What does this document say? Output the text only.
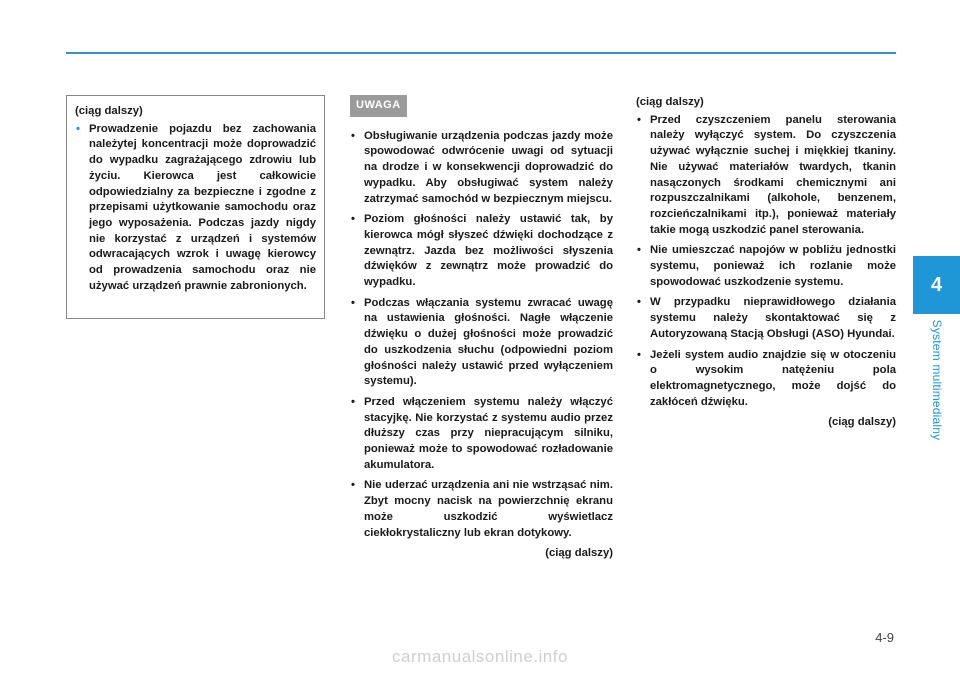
(ciąg dalszy)
• Prowadzenie pojazdu bez zachowania należytej koncentracji może doprowadzić do wypadku zagrażającego zdrowiu lub życiu. Kierowca jest całkowicie odpowiedzialny za bezpieczne i zgodne z przepisami użytkowanie samochodu oraz jego wyposażenia. Podczas jazdy nigdy nie korzystać z urządzeń i systemów odwracających wzrok i uwagę kierowcy od prowadzenia samochodu oraz nie używać urządzeń prawnie zabronionych.
UWAGA
• Obsługiwanie urządzenia podczas jazdy może spowodować odwrócenie uwagi od sytuacji na drodze i w konsekwencji doprowadzić do wypadku. Aby obsługiwać system należy zatrzymać samochód w bezpiecznym miejscu.
• Poziom głośności należy ustawić tak, by kierowca mógł słyszeć dźwięki dochodzące z zewnątrz. Jazda bez możliwości słyszenia dźwięków z zewnątrz może prowadzić do wypadku.
• Podczas włączania systemu zwracać uwagę na ustawienia głośności. Nagłe włączenie dźwięku o dużej głośności może prowadzić do uszkodzenia słuchu (odpowiedni poziom głośności należy ustawić przed wyłączeniem systemu).
• Przed włączeniem systemu należy włączyć stacyjkę. Nie korzystać z systemu audio przez dłuższy czas przy niepracującym silniku, ponieważ może to spowodować rozładowanie akumulatora.
• Nie uderzać urządzenia ani nie wstrząsać nim. Zbyt mocny nacisk na powierzchnię ekranu może uszkodzić wyświetlacz ciekłokrystaliczny lub ekran dotykowy.
(ciąg dalszy)
(ciąg dalszy)
• Przed czyszczeniem panelu sterowania należy wyłączyć system. Do czyszczenia używać wyłącznie suchej i miękkiej tkaniny. Nie używać materiałów twardych, tkanin nasączonych środkami chemicznymi ani rozpuszczalnikami (alkohole, benzenem, rozcieńczalnikami itp.), ponieważ materiały takie mogą uszkodzić panel sterowania.
• Nie umieszczać napojów w pobliżu jednostki systemu, ponieważ ich rozlanie może spowodować uszkodzenie systemu.
• W przypadku nieprawidłowego działania systemu należy skontaktować się z Autoryzowaną Stacją Obsługi (ASO) Hyundai.
• Jeżeli system audio znajdzie się w otoczeniu o wysokim natężeniu pola elektromagnetycznego, może dojść do zakłóceń dźwięku.
(ciąg dalszy)
4
System multimedialny
4-9
carmanualsonline.info
